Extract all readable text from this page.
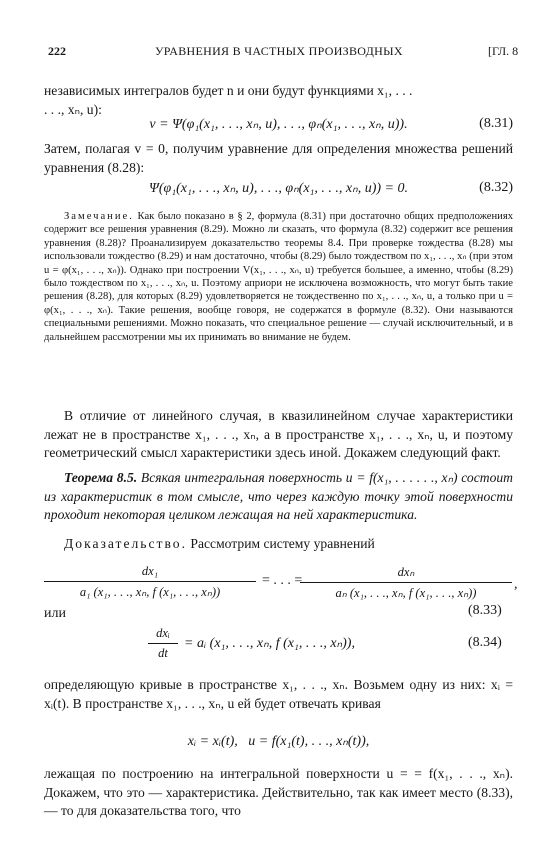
222	УРАВНЕНИЯ В ЧАСТНЫХ ПРОИЗВОДНЫХ	[ГЛ. 8

независимых интегралов будет n и они будут функциями x₁, . . .
. . ., xₙ, u):

v = Ψ(φ₁(x₁, . . ., xₙ, u), . . ., φₙ(x₁, . . ., xₙ, u)).	(8.31)

Затем, полагая v = 0, получим уравнение для определения множества решений уравнения (8.28):

Ψ(φ₁(x₁, . . ., xₙ, u), . . ., φₙ(x₁, . . ., xₙ, u)) = 0.	(8.32)

Замечание. Как было показано в § 2, формула (8.31) при достаточно общих предположениях содержит все решения уравнения (8.29). Можно ли сказать, что формула (8.32) содержит все решения уравнения (8.28)? Проанализируем доказательство теоремы 8.4. При проверке тождества (8.28) мы использовали тождество (8.29) и нам достаточно, чтобы (8.29) было тождеством по x₁, . . ., xₙ (при этом u = φ(x₁, . . ., xₙ)). Однако при построении V(x₁, . . ., xₙ, u) требуется большее, а именно, чтобы (8.29) было тождеством по x₁, . . ., xₙ, u. Поэтому априори не исключена возможность, что могут быть такие решения (8.28), для которых (8.29) удовлетворяется не тождественно по x₁, . . ., xₙ, u, а только при u = φ(x₁, . . ., xₙ). Такие решения, вообще говоря, не содержатся в формуле (8.32). Они называются специальными решениями. Можно показать, что специальное решение — случай исключительный, и в дальнейшем рассмотрении мы их принимать во внимание не будем.

В отличие от линейного случая, в квазилинейном случае характеристики лежат не в пространстве x₁, . . ., xₙ, а в пространстве x₁, . . ., xₙ, u, и поэтому геометрический смысл характеристики здесь иной. Докажем следующий факт.

Теорема 8.5. Всякая интегральная поверхность u = f(x₁, . . . . . ., xₙ) состоит из характеристик в том смысле, что через каждую точку этой поверхности проходит некоторая целиком лежащая на ней характеристика.

Доказательство. Рассмотрим систему уравнений

dx₁
a₁ (x₁, . . ., xₙ, f (x₁, . . ., xₙ))
= . . . =
dxₙ
aₙ (x₁, . . ., xₙ, f (x₁, . . ., xₙ))
,
или	(8.33)
dxᵢ
dt
= aᵢ (x₁, . . ., xₙ, f (x₁, . . ., xₙ)),	(8.34)

определяющую кривые в пространстве x₁, . . ., xₙ. Возьмем одну из них: xᵢ = xᵢ(t). В пространстве x₁, . . ., xₙ, u ей будет отвечать кривая

xᵢ = xᵢ(t),   u = f(x₁(t), . . ., xₙ(t)),

лежащая по построению на интегральной поверхности u = = f(x₁, . . ., xₙ). Докажем, что это — характеристика. Действительно, так как имеет место (8.33), — то для доказательства того, что
